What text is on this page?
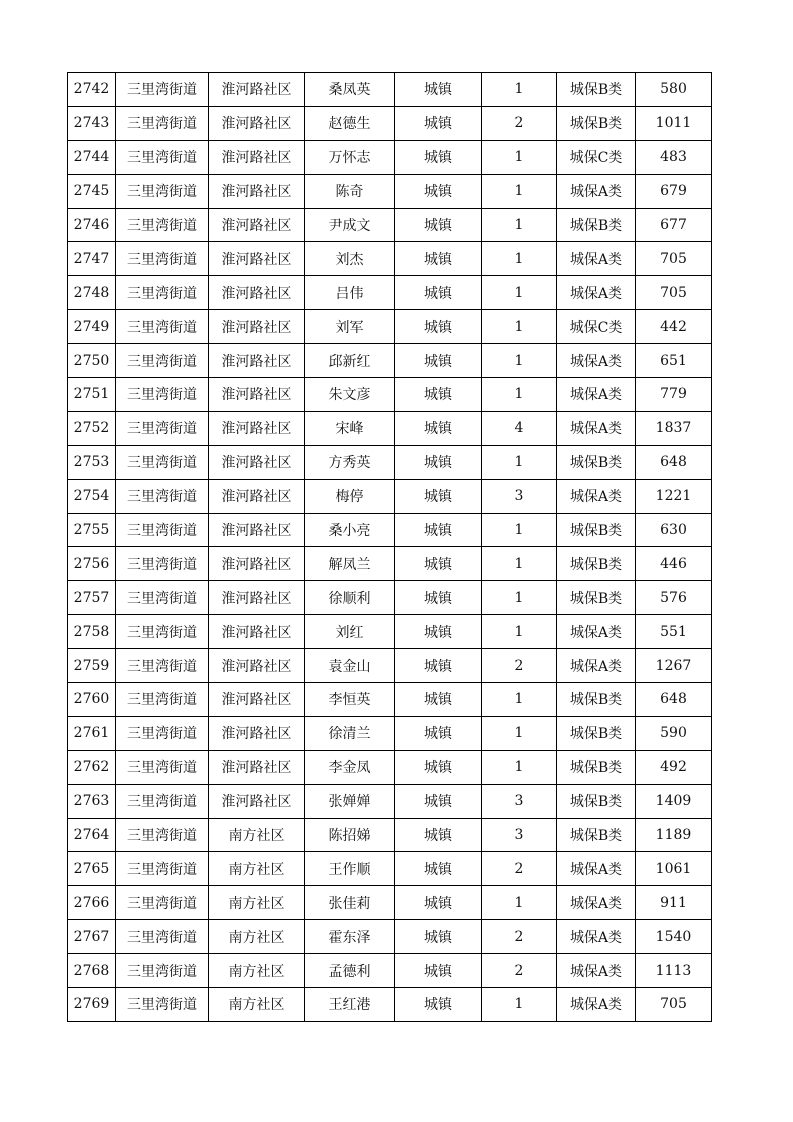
2742	三里湾街道	淮河路社区	桑凤英	城镇	1	城保B类	580
2743	三里湾街道	淮河路社区	赵德生	城镇	2	城保B类	1011
2744	三里湾街道	淮河路社区	万怀志	城镇	1	城保C类	483
2745	三里湾街道	淮河路社区	陈奇	城镇	1	城保A类	679
2746	三里湾街道	淮河路社区	尹成文	城镇	1	城保B类	677
2747	三里湾街道	淮河路社区	刘杰	城镇	1	城保A类	705
2748	三里湾街道	淮河路社区	吕伟	城镇	1	城保A类	705
2749	三里湾街道	淮河路社区	刘军	城镇	1	城保C类	442
2750	三里湾街道	淮河路社区	邱新红	城镇	1	城保A类	651
2751	三里湾街道	淮河路社区	朱文彦	城镇	1	城保A类	779
2752	三里湾街道	淮河路社区	宋峰	城镇	4	城保A类	1837
2753	三里湾街道	淮河路社区	方秀英	城镇	1	城保B类	648
2754	三里湾街道	淮河路社区	梅停	城镇	3	城保A类	1221
2755	三里湾街道	淮河路社区	桑小亮	城镇	1	城保B类	630
2756	三里湾街道	淮河路社区	解凤兰	城镇	1	城保B类	446
2757	三里湾街道	淮河路社区	徐顺利	城镇	1	城保B类	576
2758	三里湾街道	淮河路社区	刘红	城镇	1	城保A类	551
2759	三里湾街道	淮河路社区	袁金山	城镇	2	城保A类	1267
2760	三里湾街道	淮河路社区	李恒英	城镇	1	城保B类	648
2761	三里湾街道	淮河路社区	徐清兰	城镇	1	城保B类	590
2762	三里湾街道	淮河路社区	李金凤	城镇	1	城保B类	492
2763	三里湾街道	淮河路社区	张婵婵	城镇	3	城保B类	1409
2764	三里湾街道	南方社区	陈招娣	城镇	3	城保B类	1189
2765	三里湾街道	南方社区	王作顺	城镇	2	城保A类	1061
2766	三里湾街道	南方社区	张佳莉	城镇	1	城保A类	911
2767	三里湾街道	南方社区	霍东泽	城镇	2	城保A类	1540
2768	三里湾街道	南方社区	孟德利	城镇	2	城保A类	1113
2769	三里湾街道	南方社区	王红港	城镇	1	城保A类	705
